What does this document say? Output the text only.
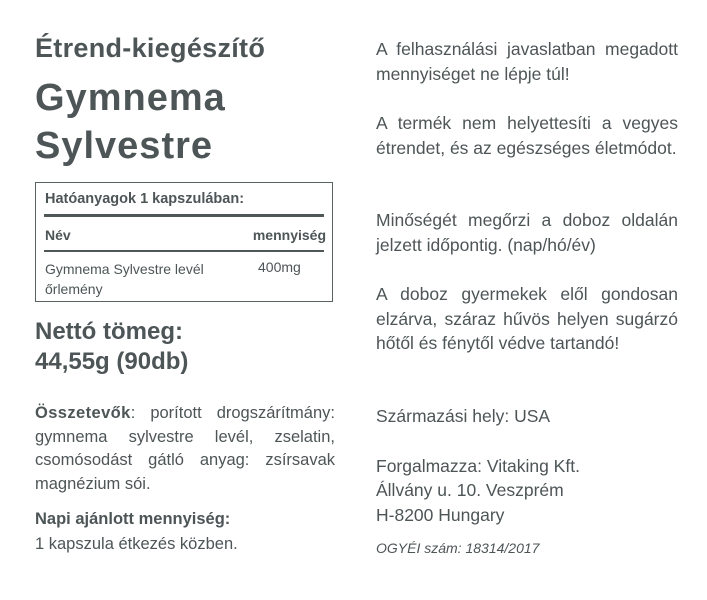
Étrend-kiegészítő
Gymnema
Sylvestre
Hatóanyagok 1 kapszulában:
Név	mennyiség
Gymnema Sylvestre levél őrlemény
400mg
Nettó tömeg:
44,55g (90db)
Összetevők: porított drogszárítmány: gymnema sylvestre levél, zselatin, csomósodást gátló anyag: zsírsavak magnézium sói.
Napi ajánlott mennyiség:
1 kapszula étkezés közben.
A felhasználási javaslatban megadott mennyiséget ne lépje túl!
A termék nem helyettesíti a vegyes étrendet, és az egészséges életmódot.
Minőségét megőrzi a doboz oldalán jelzett időpontig. (nap/hó/év)
A doboz gyermekek elől gondosan elzárva, száraz hűvös helyen sugárzó hőtől és fénytől védve tartandó!
Származási hely: USA
Forgalmazza: Vitaking Kft.
Állvány u. 10. Veszprém
H-8200 Hungary
OGYÉI szám: 18314/2017
